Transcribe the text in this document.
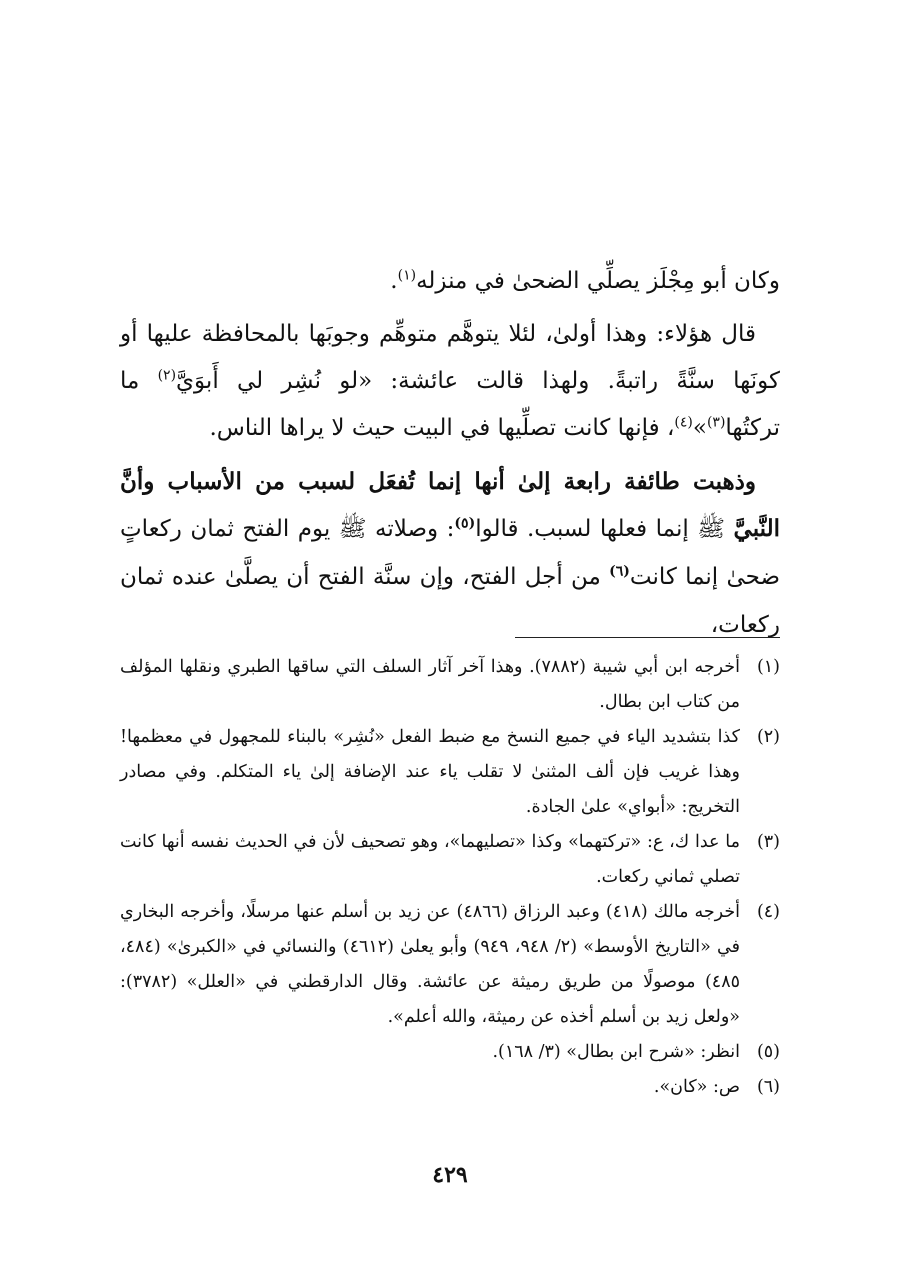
وكان أبو مِجْلَز يصلِّي الضحىٰ في منزله$^{(١)}$.

قال هؤلاء: وهذا أولىٰ، لئلا يتوهَّم متوهِّم وجوبَها بالمحافظة عليها أو كونَها سنَّةً راتبةً. ولهذا قالت عائشة: «لو نُشِر لي أَبوَيَّ$^{(٢)}$ ما تركتُها$^{(٣)}$»$^{(٤)}$، فإنها كانت تصلِّيها في البيت حيث لا يراها الناس.

وذهبت طائفة رابعة إلىٰ أنها إنما تُفعَل لسبب من الأسباب وأنَّ النَّبيَّ ﷺ إنما فعلها لسبب. قالوا$^{(٥)}$: وصلاته ﷺ يوم الفتح ثمان ركعاتٍ ضحىٰ إنما كانت$^{(٦)}$ من أجل الفتح، وإن سنَّة الفتح أن يصلَّىٰ عنده ثمان ركعات،

(١)
أخرجه ابن أبي شيبة (٧٨٨٢). وهذا آخر آثار السلف التي ساقها الطبري ونقلها المؤلف من كتاب ابن بطال.
(٢)
كذا بتشديد الياء في جميع النسخ مع ضبط الفعل «نُشِر» بالبناء للمجهول في معظمها! وهذا غريب فإن ألف المثنىٰ لا تقلب ياء عند الإضافة إلىٰ ياء المتكلم. وفي مصادر التخريج: «أبواي» علىٰ الجادة.
(٣)
ما عدا ك، ع: «تركتهما» وكذا «تصليهما»، وهو تصحيف لأن في الحديث نفسه أنها كانت تصلي ثماني ركعات.
(٤)
أخرجه مالك (٤١٨) وعبد الرزاق (٤٨٦٦) عن زيد بن أسلم عنها مرسلًا، وأخرجه البخاري في «التاريخ الأوسط» (٢/ ٩٤٨، ٩٤٩) وأبو يعلىٰ (٤٦١٢) والنسائي في «الكبرىٰ» (٤٨٤، ٤٨٥) موصولًا من طريق رميثة عن عائشة. وقال الدارقطني في «العلل» (٣٧٨٢): «ولعل زيد بن أسلم أخذه عن رميثة، والله أعلم».
(٥)
انظر: «شرح ابن بطال» (٣/ ١٦٨).
(٦)
ص: «كان».
٤٢٩
